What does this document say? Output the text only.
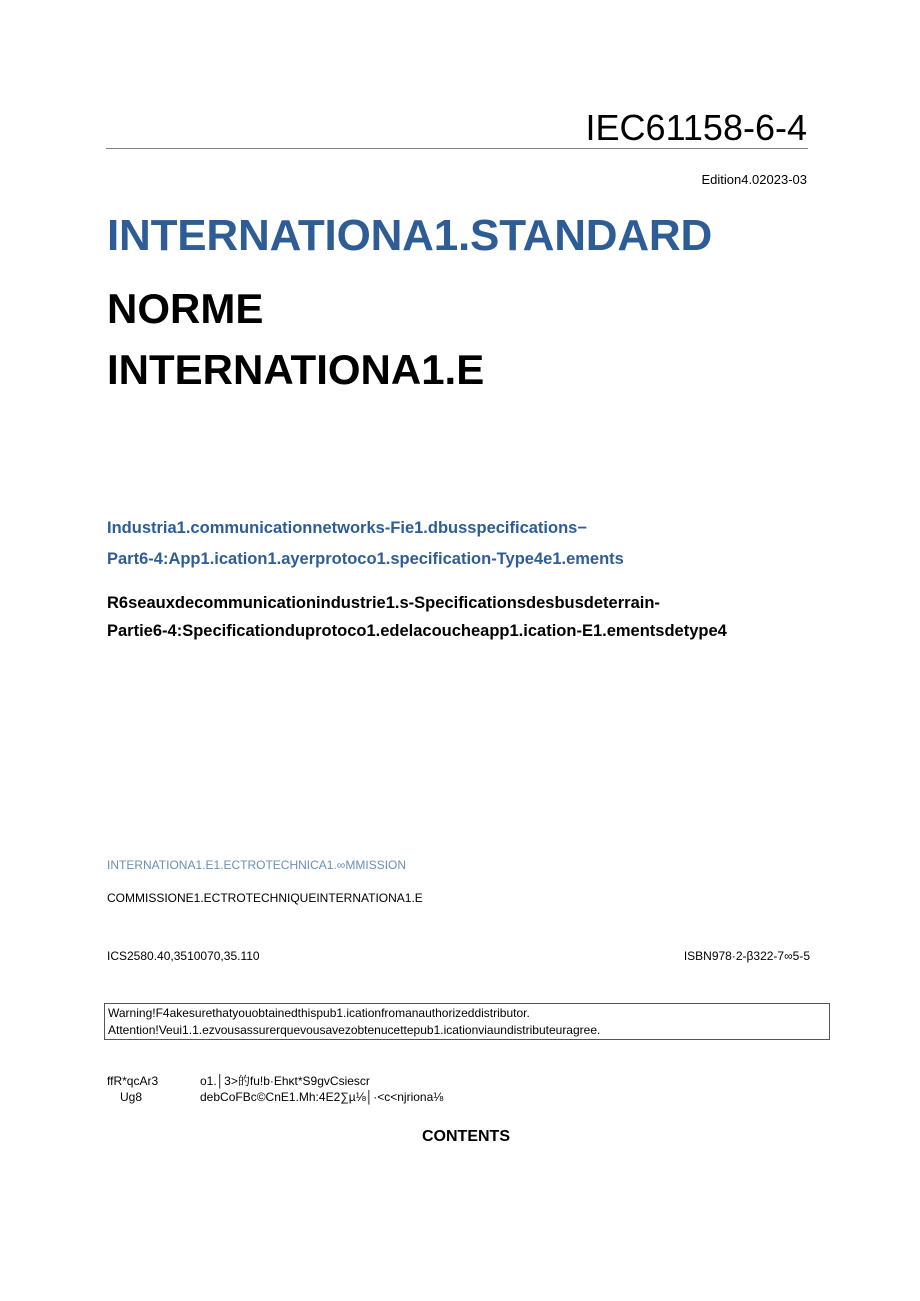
IEC61158-6-4
Edition4.02023-03
INTERNATIONA1.STANDARD
NORME
INTERNATIONA1.E
Industria1.communicationnetworks-Fie1.dbusspecifications−
Part6-4:App1.ication1.ayerprotoco1.specification-Type4e1.ements
R6seauxdecommunicationindustrie1.s-Specificationsdesbusdeterrain-
Partie6-4:Specificationduprotoco1.edelacoucheapp1.ication-E1.ementsdetype4
INTERNATIONA1.E1.ECTROTECHNICA1.∞MMISSION
COMMISSIONE1.ECTROTECHNIQUEINTERNATIONA1.E
ICS2580.40,3510070,35.110	ISBN978·2-β322-7∞5-5
Warning!F4akesurethatyouobtainedthispub1.icationfromanauthorizeddistributor.
Attention!Veui1.1.ezvousassurerquevousavezobtenucettepub1.icationviaundistributeuragree.
ffR*qcAr3	o1.│3>的fu!b·Ehκt*S9gvCsiescr
Ug8	debCoFBc©CnE1.Mh:4E2∑µ⅛│·<c<njriona⅛
CONTENTS
